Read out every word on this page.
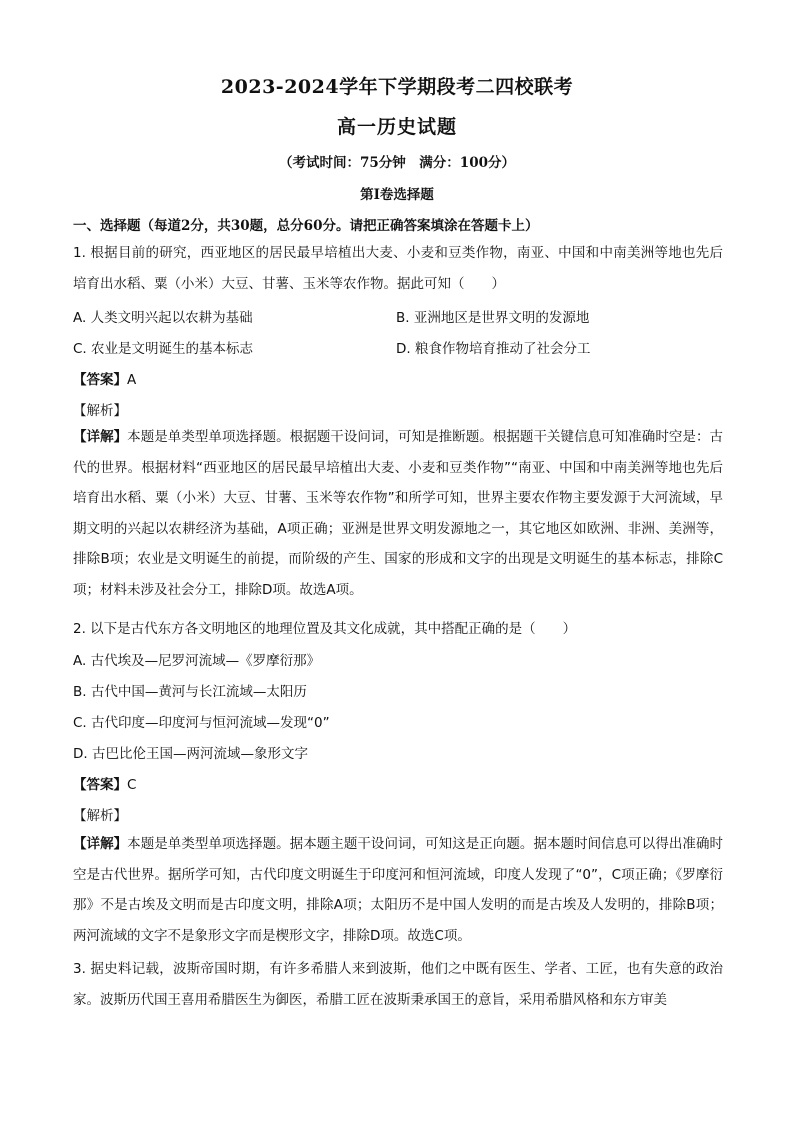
2023-2024学年下学期段考二四校联考
高一历史试题
（考试时间：75分钟　满分：100分）
第Ⅰ卷选择题
一、选择题（每道2分，共30题，总分60分。请把正确答案填涂在答题卡上）
1. 根据目前的研究，西亚地区的居民最早培植出大麦、小麦和豆类作物，南亚、中国和中南美洲等地也先后培育出水稻、粟（小米）大豆、甘薯、玉米等农作物。据此可知（　　）
A. 人类文明兴起以农耕为基础	B. 亚洲地区是世界文明的发源地
C. 农业是文明诞生的基本标志	D. 粮食作物培育推动了社会分工
【答案】A
【解析】
【详解】本题是单类型单项选择题。根据题干设问词，可知是推断题。根据题干关键信息可知准确时空是：古代的世界。根据材料“西亚地区的居民最早培植出大麦、小麦和豆类作物”“南亚、中国和中南美洲等地也先后培育出水稻、粟（小米）大豆、甘薯、玉米等农作物”和所学可知，世界主要农作物主要发源于大河流域，早期文明的兴起以农耕经济为基础，A项正确；亚洲是世界文明发源地之一，其它地区如欧洲、非洲、美洲等，排除B项；农业是文明诞生的前提，而阶级的产生、国家的形成和文字的出现是文明诞生的基本标志，排除C项；材料未涉及社会分工，排除D项。故选A项。
2. 以下是古代东方各文明地区的地理位置及其文化成就，其中搭配正确的是（　　）
A. 古代埃及—尼罗河流域—《罗摩衍那》
B. 古代中国—黄河与长江流域—太阳历
C. 古代印度—印度河与恒河流域—发现“0”
D. 古巴比伦王国—两河流域—象形文字
【答案】C
【解析】
【详解】本题是单类型单项选择题。据本题主题干设问词，可知这是正向题。据本题时间信息可以得出准确时空是古代世界。据所学可知，古代印度文明诞生于印度河和恒河流域，印度人发现了“0”，C项正确；《罗摩衍那》不是古埃及文明而是古印度文明，排除A项；太阳历不是中国人发明的而是古埃及人发明的，排除B项；两河流域的文字不是象形文字而是楔形文字，排除D项。故选C项。
3. 据史料记载，波斯帝国时期，有许多希腊人来到波斯，他们之中既有医生、学者、工匠，也有失意的政治家。波斯历代国王喜用希腊医生为御医，希腊工匠在波斯秉承国王的意旨，采用希腊风格和东方审美
